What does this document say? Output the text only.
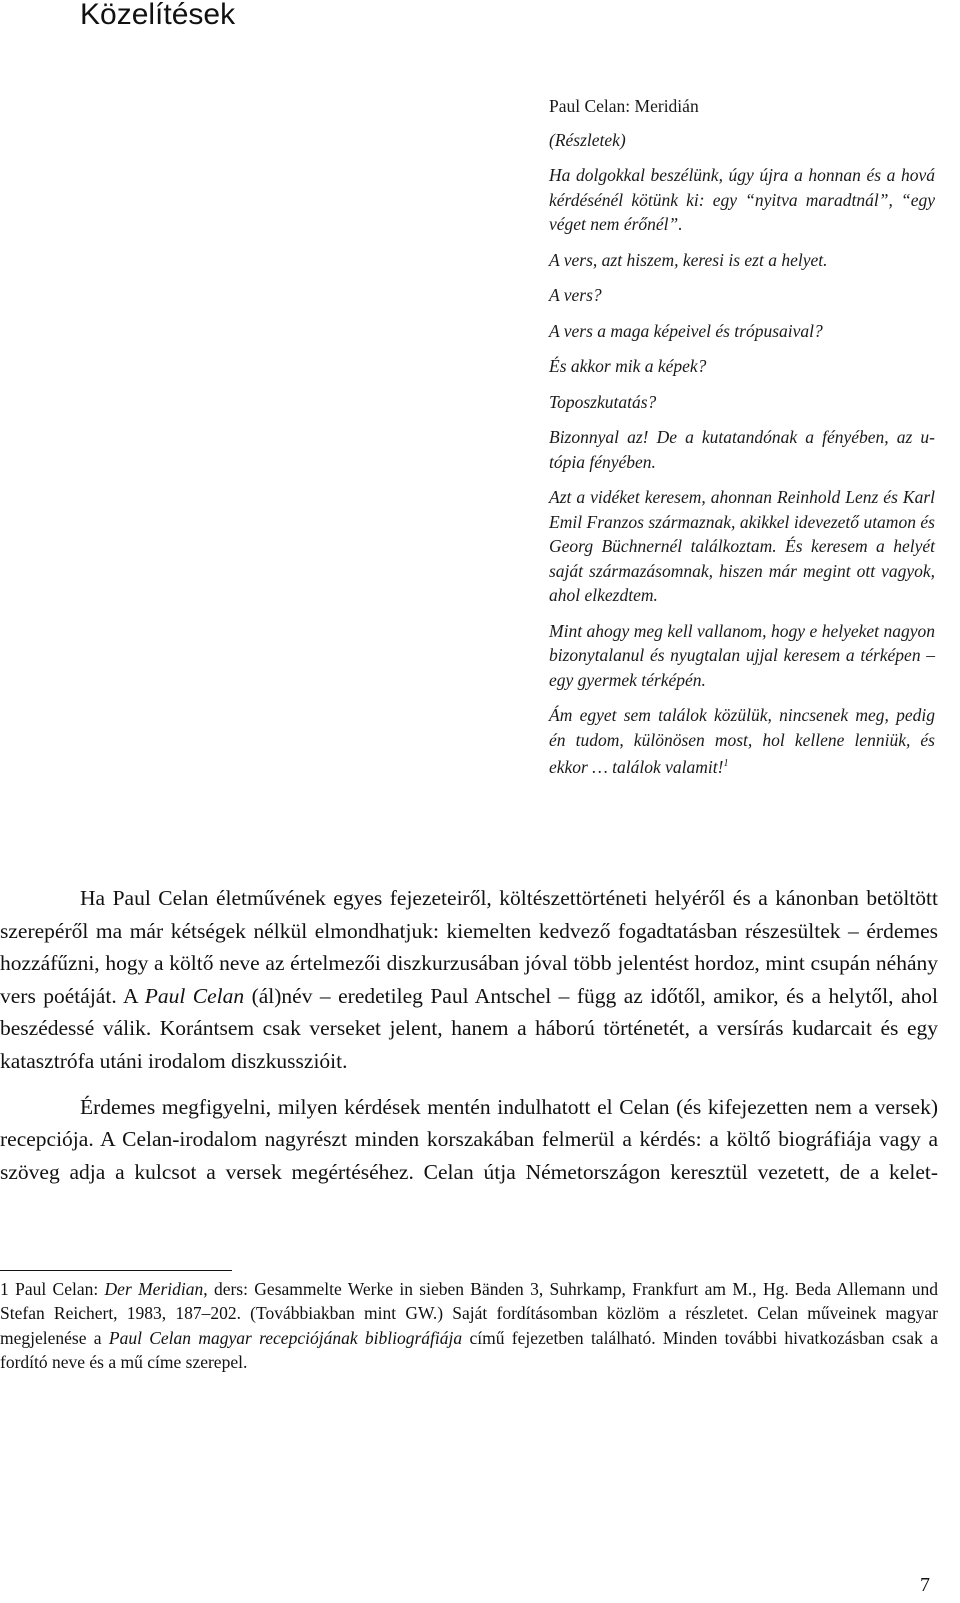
Közelítések

Paul Celan: Meridián

(Részletek)

Ha dolgokkal beszélünk, úgy újra a honnan és a hová kérdésénél kötünk ki: egy “nyitva maradtnál”, “egy véget nem érőnél”.

A vers, azt hiszem, keresi is ezt a helyet.

A vers?

A vers a maga képeivel és trópusaival?

És akkor mik a képek?

Toposzkutatás?

Bizonnyal az! De a kutatandónak a fényében, az u-tópia fényében.

Azt a vidéket keresem, ahonnan Reinhold Lenz és Karl Emil Franzos származnak, akikkel idevezető utamon és Georg Büchnernél találkoztam. És keresem a helyét saját származásomnak, hiszen már megint ott vagyok, ahol elkezdtem.

Mint ahogy meg kell vallanom, hogy e helyeket nagyon bizonytalanul és nyugtalan ujjal keresem a térképen – egy gyermek térképén.

Ám egyet sem találok közülük, nincsenek meg, pedig én tudom, különösen most, hol kellene lenniük, és ekkor … találok valamit!$^1$

Ha Paul Celan életművének egyes fejezeteiről, költészettörténeti helyéről és a kánonban betöltött szerepéről ma már kétségek nélkül elmondhatjuk: kiemelten kedvező fogadtatásban részesültek – érdemes hozzáfűzni, hogy a költő neve az értelmezői diszkurzusában jóval több jelentést hordoz, mint csupán néhány vers poétáját. A Paul Celan (ál)név – eredetileg Paul Antschel – függ az időtől, amikor, és a helytől, ahol beszédessé válik. Korántsem csak verseket jelent, hanem a háború történetét, a versírás kudarcait és egy katasztrófa utáni irodalom diszkusszióit.

Érdemes megfigyelni, milyen kérdések mentén indulhatott el Celan (és kifejezetten nem a versek) recepciója. A Celan-irodalom nagyrészt minden korszakában felmerül a kérdés: a költő biográfiája vagy a szöveg adja a kulcsot a versek megértéséhez. Celan útja Németországon keresztül vezetett, de a kelet-

1 Paul Celan: Der Meridian, ders: Gesammelte Werke in sieben Bänden 3, Suhrkamp, Frankfurt am M., Hg. Beda Allemann und Stefan Reichert, 1983, 187–202. (Továbbiakban mint GW.) Saját fordításomban közlöm a részletet. Celan műveinek magyar megjelenése a Paul Celan magyar recepciójának bibliográfiája című fejezetben található. Minden további hivatkozásban csak a fordító neve és a mű címe szerepel.

7
